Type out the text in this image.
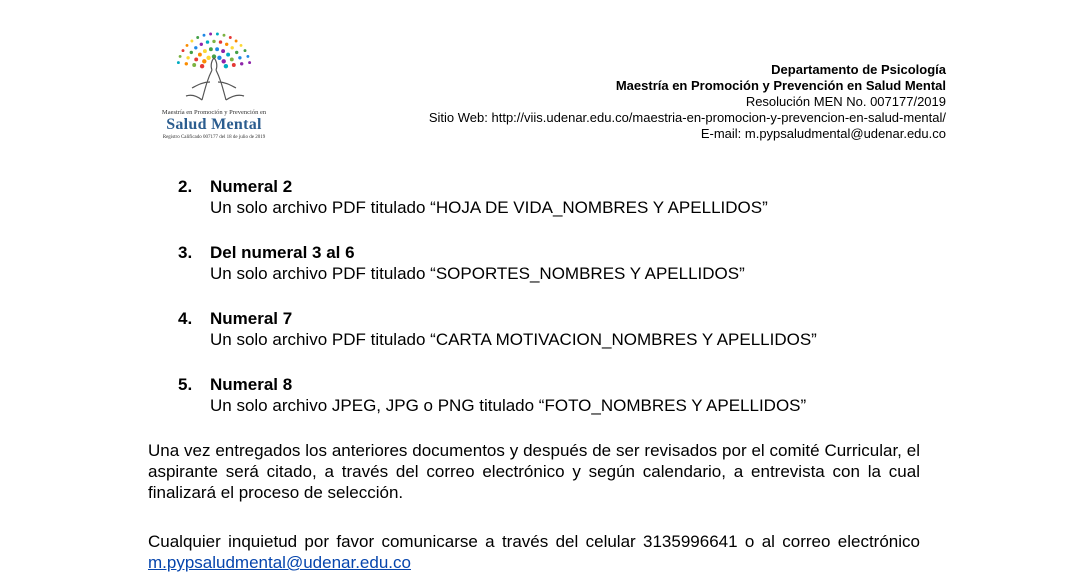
Maestría en Promoción y Prevención en
Salud Mental
Registro Calificado 007177 del 18 de julio de 2019
Departamento de Psicología
Maestría en Promoción y Prevención en Salud Mental
Resolución MEN No. 007177/2019
Sitio Web: http://viis.udenar.edu.co/maestria-en-promocion-y-prevencion-en-salud-mental/
E-mail: m.pypsaludmental@udenar.edu.co
2. Numeral 2
Un solo archivo PDF titulado “HOJA DE VIDA_NOMBRES Y APELLIDOS”
3. Del numeral 3 al 6
Un solo archivo PDF titulado “SOPORTES_NOMBRES Y APELLIDOS”
4. Numeral 7
Un solo archivo PDF titulado “CARTA MOTIVACION_NOMBRES Y APELLIDOS”
5. Numeral 8
Un solo archivo JPEG, JPG o PNG titulado “FOTO_NOMBRES Y APELLIDOS”
Una vez entregados los anteriores documentos y después de ser revisados por el comité Curricular, el aspirante será citado, a través del correo electrónico y según calendario, a entrevista con la cual finalizará el proceso de selección.
Cualquier inquietud por favor comunicarse a través del celular 3135996641 o al correo electrónico m.pypsaludmental@udenar.edu.co
